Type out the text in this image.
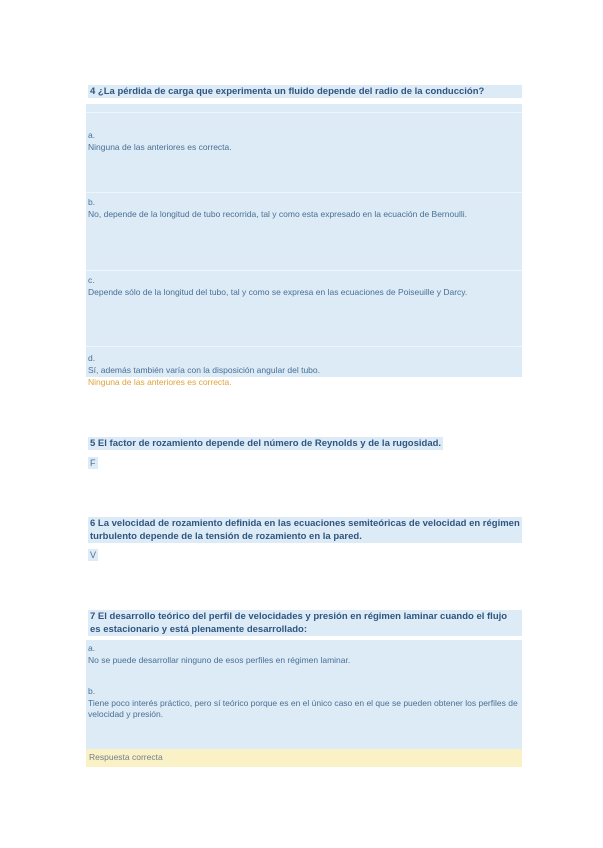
4 ¿La pérdida de carga que experimenta un fluido depende del radio de la conducción?
a.
Ninguna de las anteriores es correcta.
b.
No, depende de la longitud de tubo recorrida, tal y como esta expresado en la ecuación de Bernoulli.
c.
Depende sólo de la longitud del tubo, tal y como se expresa en las ecuaciones de Poiseuille y Darcy.
d.
Sí, además también varía con la disposición angular del tubo.
Ninguna de las anteriores es correcta.
5 El factor de rozamiento depende del número de Reynolds y de la rugosidad.
F
6 La velocidad de rozamiento definida en las ecuaciones semiteóricas de velocidad en régimen turbulento depende de la tensión de rozamiento en la pared.
V
7 El desarrollo teórico del perfil de velocidades y presión en régimen laminar cuando el flujo es estacionario y está plenamente desarrollado:
a.
No se puede desarrollar ninguno de esos perfiles en régimen laminar.
b.
Tiene poco interés práctico, pero sí teórico porque es en el único caso en el que se pueden obtener los perfiles de velocidad y presión.
Respuesta correcta
